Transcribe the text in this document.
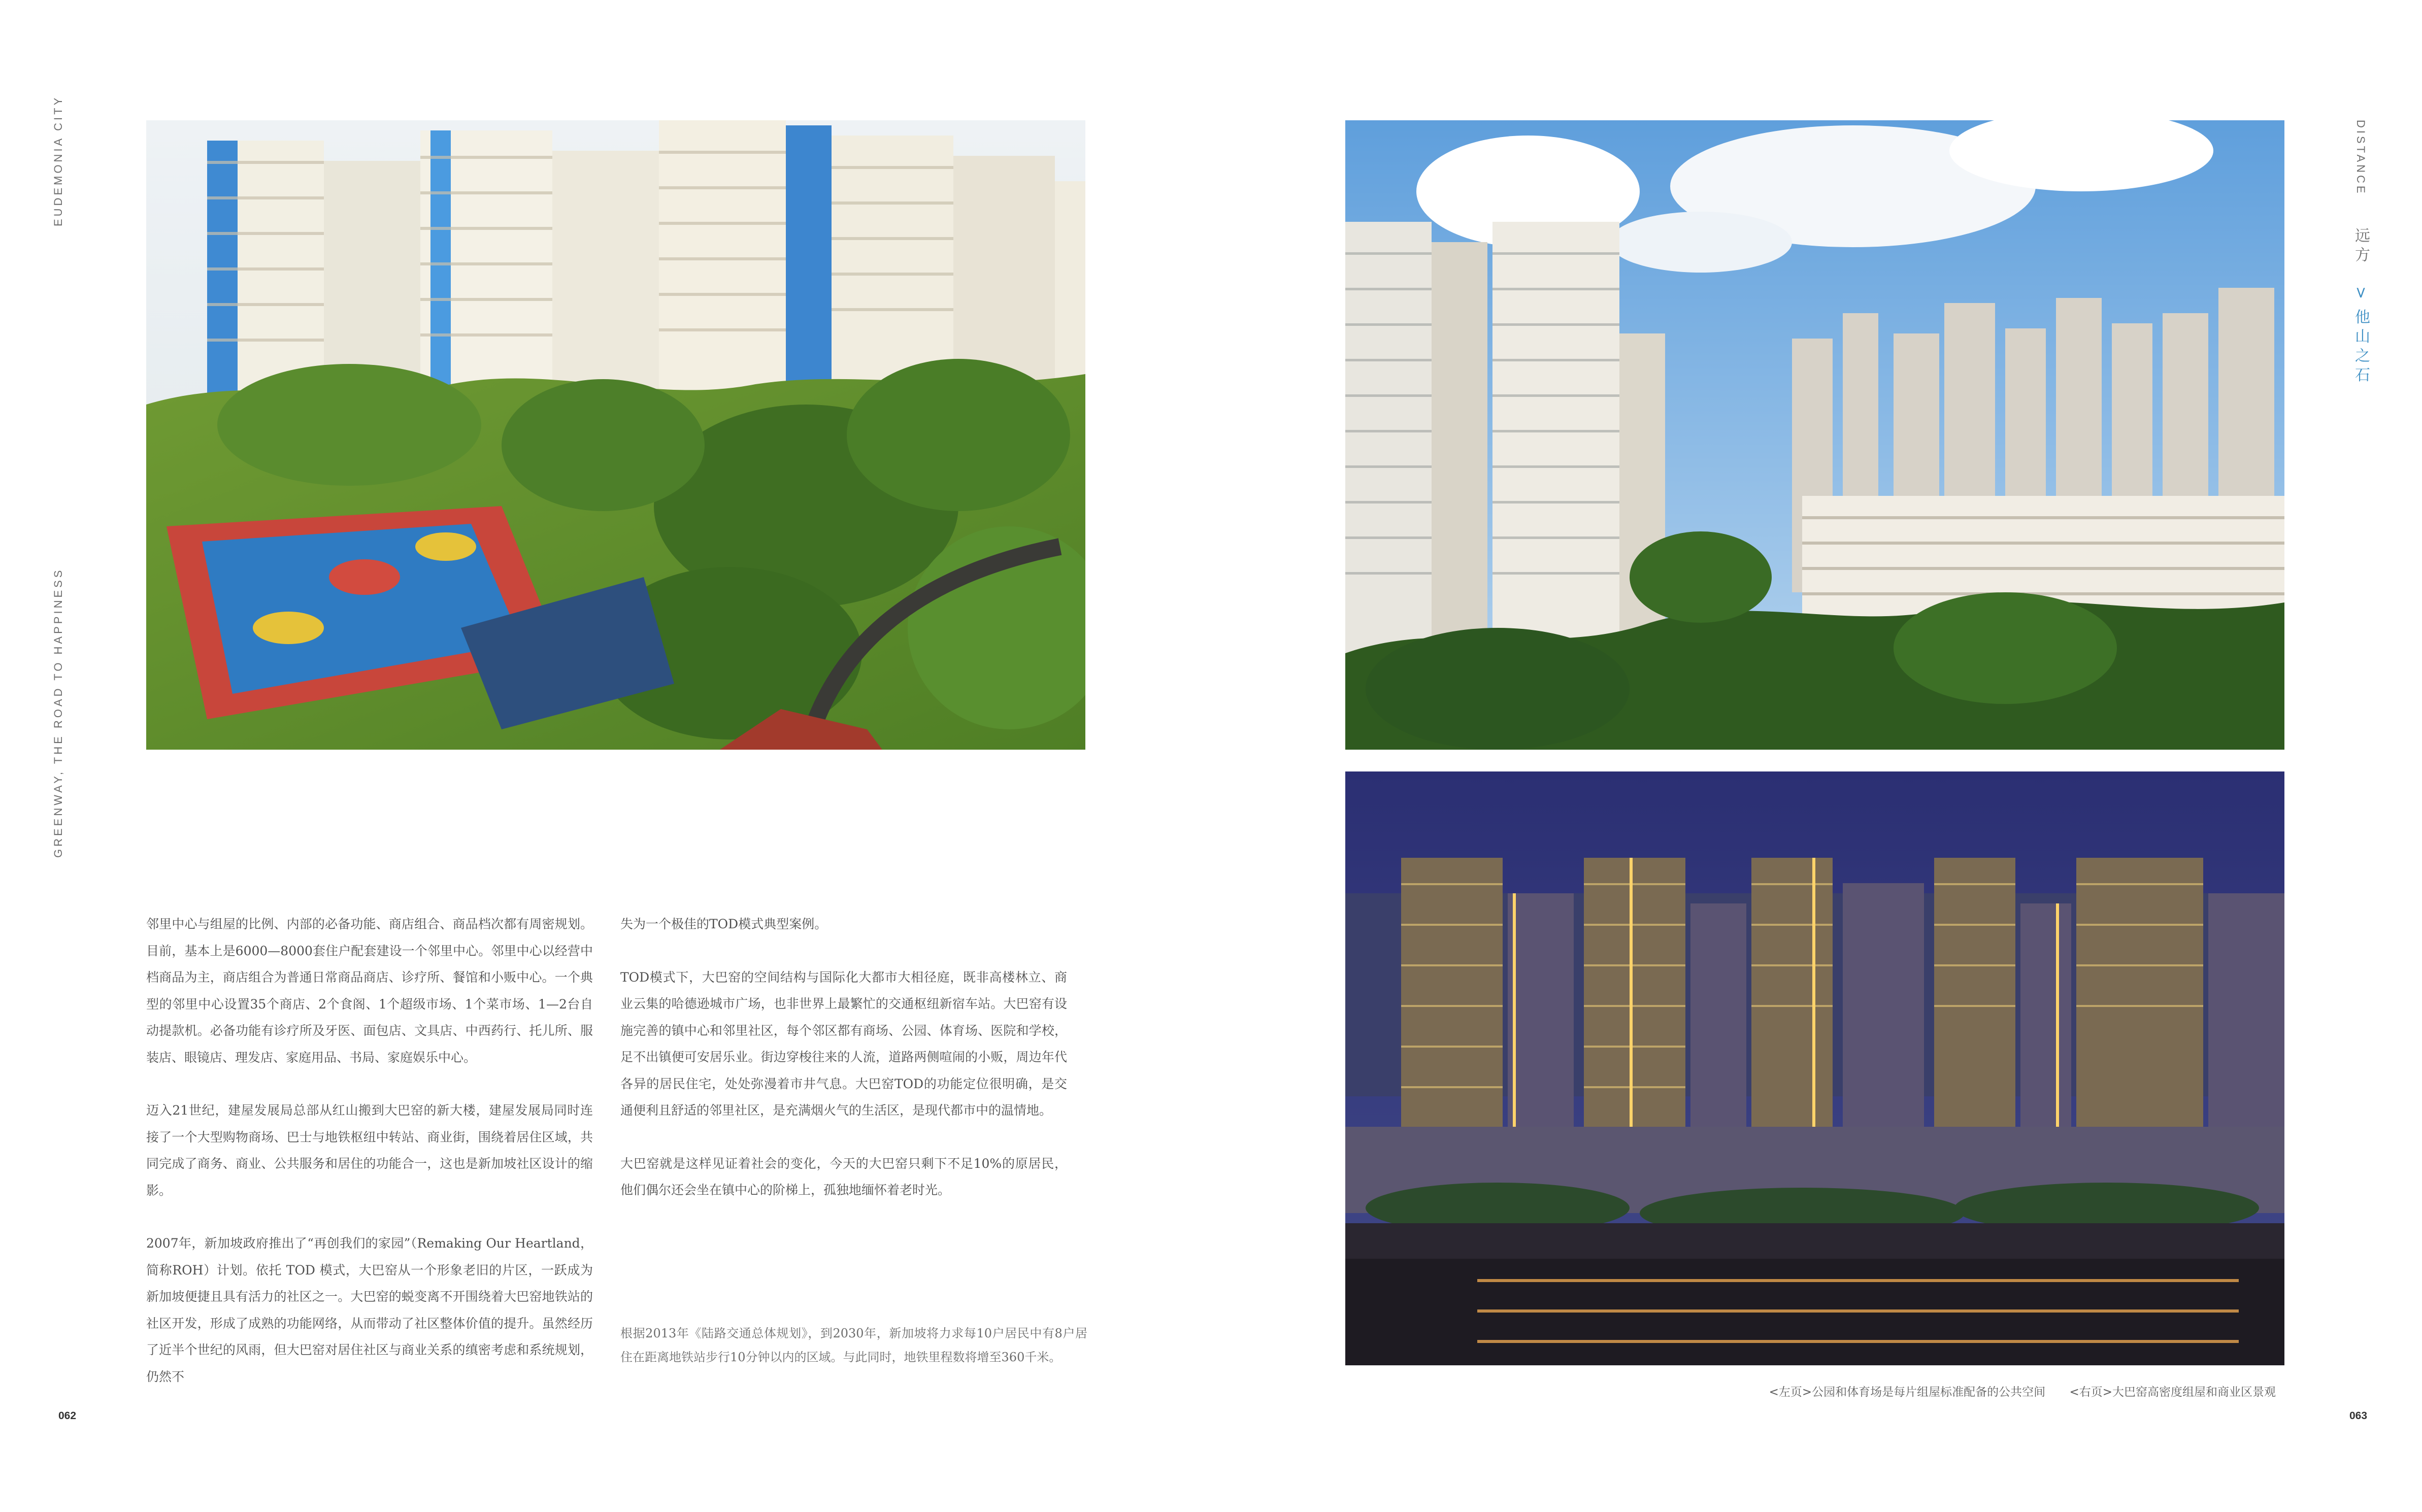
EUDEMONIA CITY
GREENWAY, THE ROAD TO HAPPINESS
DISTANCE  远方  > 他山之石

邻里中心与组屋的比例、内部的必备功能、商店组合、商品档次都有周密规划。目前，基本上是6000—8000套住户配套建设一个邻里中心。邻里中心以经营中档商品为主，商店组合为普通日常商品商店、诊疗所、餐馆和小贩中心。一个典型的邻里中心设置35个商店、2个食阁、1个超级市场、1个菜市场、1—2台自动提款机。必备功能有诊疗所及牙医、面包店、文具店、中西药行、托儿所、服装店、眼镜店、理发店、家庭用品、书局、家庭娱乐中心。

迈入21世纪，建屋发展局总部从红山搬到大巴窑的新大楼，建屋发展局同时连接了一个大型购物商场、巴士与地铁枢纽中转站、商业街，围绕着居住区域，共同完成了商务、商业、公共服务和居住的功能合一，这也是新加坡社区设计的缩影。

2007年，新加坡政府推出了“再创我们的家园”（Remaking Our Heartland，简称ROH）计划。依托 TOD 模式，大巴窑从一个形象老旧的片区，一跃成为新加坡便捷且具有活力的社区之一。大巴窑的蜕变离不开围绕着大巴窑地铁站的社区开发，形成了成熟的功能网络，从而带动了社区整体价值的提升。虽然经历了近半个世纪的风雨，但大巴窑对居住社区与商业关系的缜密考虑和系统规划，仍然不

失为一个极佳的TOD模式典型案例。

TOD模式下，大巴窑的空间结构与国际化大都市大相径庭，既非高楼林立、商业云集的哈德逊城市广场，也非世界上最繁忙的交通枢纽新宿车站。大巴窑有设施完善的镇中心和邻里社区，每个邻区都有商场、公园、体育场、医院和学校，足不出镇便可安居乐业。街边穿梭往来的人流，道路两侧喧闹的小贩，周边年代各异的居民住宅，处处弥漫着市井气息。大巴窑TOD的功能定位很明确，是交通便利且舒适的邻里社区，是充满烟火气的生活区，是现代都市中的温情地。

大巴窑就是这样见证着社会的变化，今天的大巴窑只剩下不足10%的原居民，他们偶尔还会坐在镇中心的阶梯上，孤独地缅怀着老时光。

根据2013年《陆路交通总体规划》，到2030年，新加坡将力求每10户居民中有8户居住在距离地铁站步行10分钟以内的区域。与此同时，地铁里程数将增至360千米。
<左页>公园和体育场是每片组屋标准配备的公共空间 <右页>大巴窑高密度组屋和商业区景观
062	063
